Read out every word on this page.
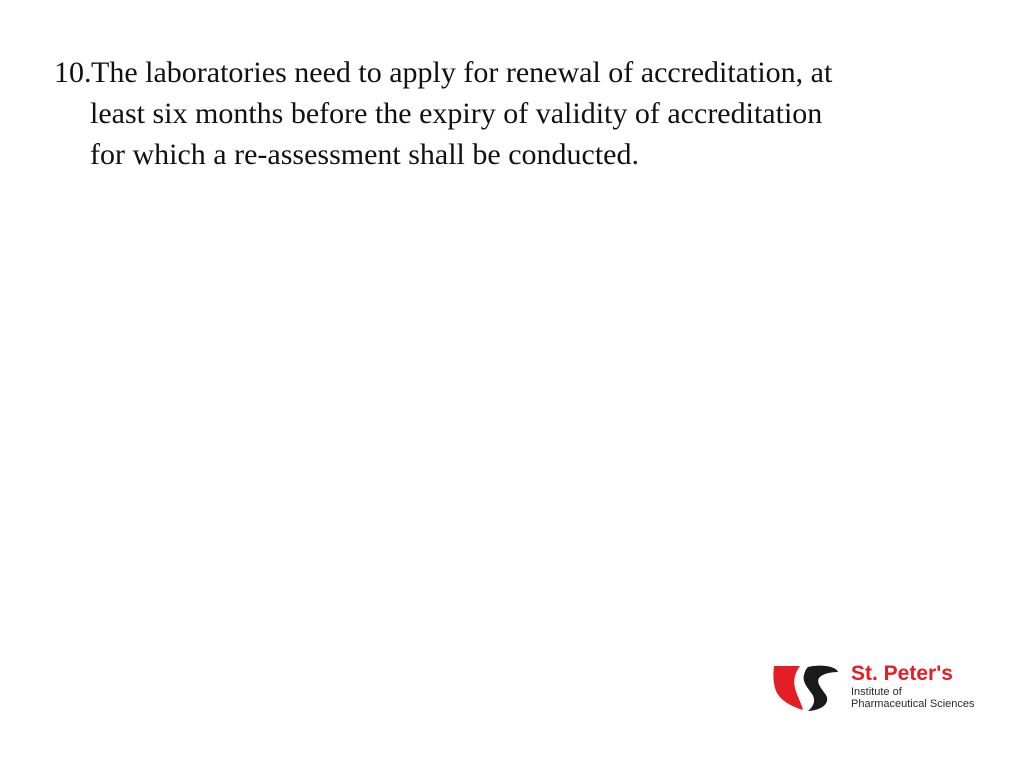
10. The laboratories need to apply for renewal of accreditation, at
least six months before the expiry of validity of accreditation
for which a re-assessment shall be conducted.
St. Peter's
Institute of
Pharmaceutical Sciences
